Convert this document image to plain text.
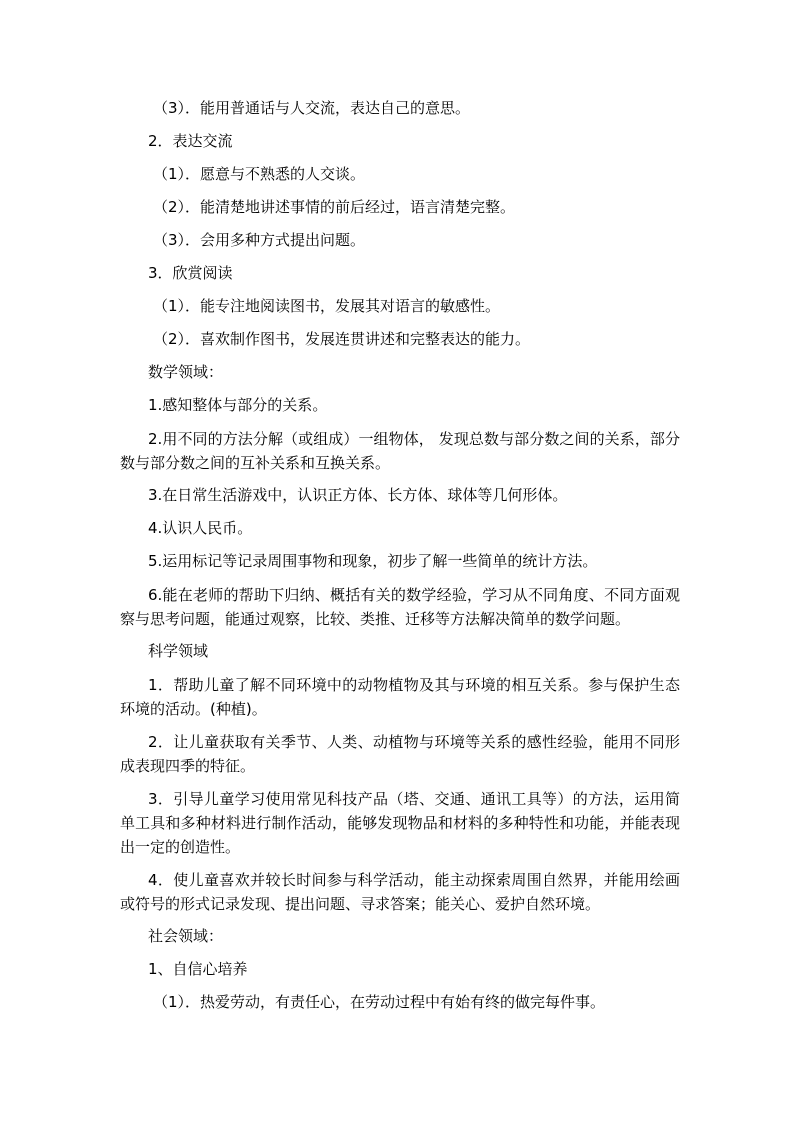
（3）．能用普通话与人交流，表达自己的意思。
2．表达交流
（1）．愿意与不熟悉的人交谈。
（2）．能清楚地讲述事情的前后经过，语言清楚完整。
（3）．会用多种方式提出问题。
3．欣赏阅读
（1）．能专注地阅读图书，发展其对语言的敏感性。
（2）．喜欢制作图书，发展连贯讲述和完整表达的能力。
数学领域：
1.感知整体与部分的关系。
2.用不同的方法分解（或组成）一组物体， 发现总数与部分数之间的关系，部分数与部分数之间的互补关系和互换关系。
3.在日常生活游戏中，认识正方体、长方体、球体等几何形体。
4.认识人民币。
5.运用标记等记录周围事物和现象，初步了解一些简单的统计方法。
6.能在老师的帮助下归纳、概括有关的数学经验，学习从不同角度、不同方面观察与思考问题，能通过观察，比较、类推、迁移等方法解决简单的数学问题。
科学领域
1．帮助儿童了解不同环境中的动物植物及其与环境的相互关系。参与保护生态环境的活动。(种植)。
2．让儿童获取有关季节、人类、动植物与环境等关系的感性经验，能用不同形成表现四季的特征。
3．引导儿童学习使用常见科技产品（塔、交通、通讯工具等）的方法，运用简单工具和多种材料进行制作活动，能够发现物品和材料的多种特性和功能，并能表现出一定的创造性。
4．使儿童喜欢并较长时间参与科学活动，能主动探索周围自然界，并能用绘画或符号的形式记录发现、提出问题、寻求答案；能关心、爱护自然环境。
社会领域：
1、自信心培养
（1）．热爱劳动，有责任心，在劳动过程中有始有终的做完每件事。
